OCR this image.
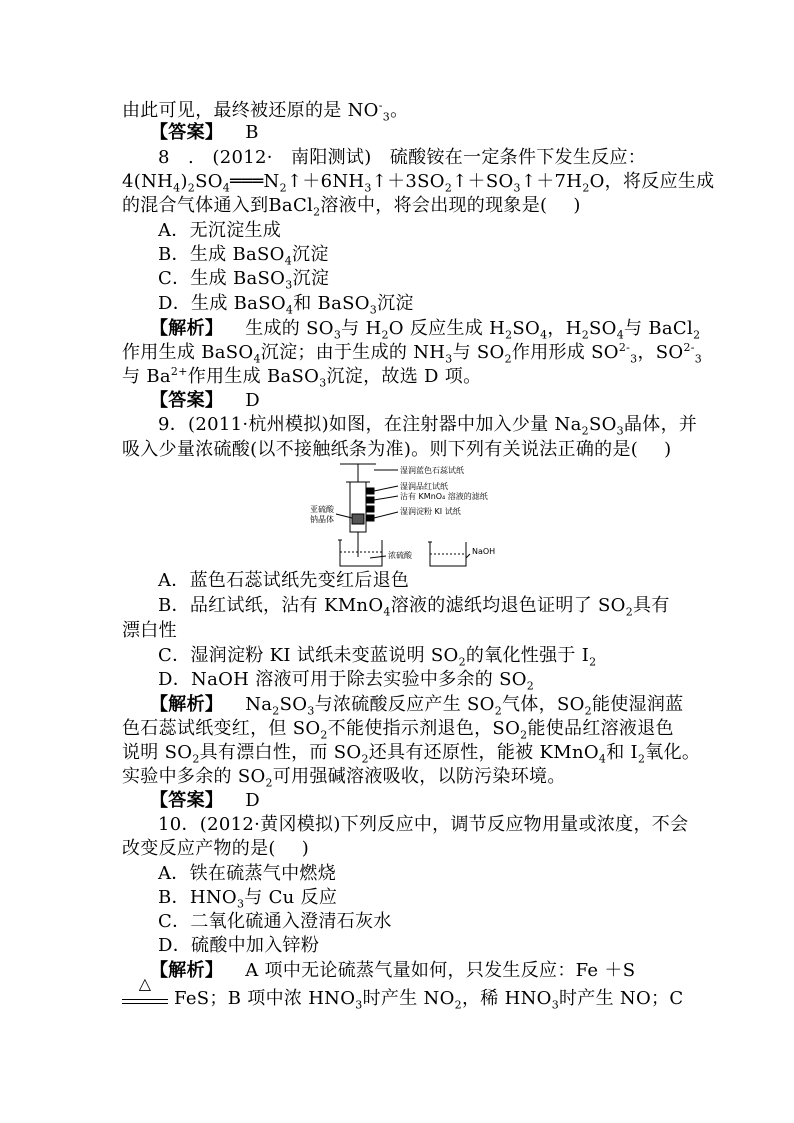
由此可见，最终被还原的是 $NO^-_3$。
【答案】 B
8　.　(2012·　南阳测试)　硫酸铵在一定条件下发生反应：
$4(NH_4)_2SO_4═══N_2↑+6NH_3↑+3SO_2↑+SO_3↑+7H_2O$，将反应生成
的混合气体通入到BaCl$_2$溶液中，将会出现的现象是( )
A．无沉淀生成
B．生成 BaSO$_4$沉淀
C．生成 BaSO$_3$沉淀
D．生成 BaSO$_4$和 BaSO$_3$沉淀
【解析】 生成的 $SO_3$与 $H_2O$ 反应生成 $H_2SO_4$，$H_2SO_4$与 BaCl$_2$
作用生成 BaSO$_4$沉淀；由于生成的 $NH_3$与 $SO_2$作用形成 $SO^{2-}_3$，$SO^{2-}_3$
与 $Ba^{2+}$作用生成 BaSO$_3$沉淀，故选 D 项。
【答案】 D
9．(2011·杭州模拟)如图，在注射器中加入少量 $Na_2SO_3$晶体，并
吸入少量浓硫酸(以不接触纸条为准)。则下列有关说法正确的是( )
湿润蓝色石蕊试纸
湿润品红试纸
沾有 KMnO₄ 溶液的滤纸
湿润淀粉 KI 试纸
亚硫酸
钠晶体
浓硫酸	NaOH
A．蓝色石蕊试纸先变红后退色
B．品红试纸，沾有 KMnO$_4$溶液的滤纸均退色证明了 $SO_2$具有
漂白性
C．湿润淀粉 KI 试纸未变蓝说明 $SO_2$的氧化性强于 $I_2$
D．NaOH 溶液可用于除去实验中多余的 $SO_2$
【解析】 $Na_2SO_3$与浓硫酸反应产生 $SO_2$气体，$SO_2$能使湿润蓝
色石蕊试纸变红，但 $SO_2$不能使指示剂退色，$SO_2$能使品红溶液退色
说明 $SO_2$具有漂白性，而 $SO_2$还具有还原性，能被 KMnO$_4$和 $I_2$氧化。
实验中多余的 $SO_2$可用强碱溶液吸收，以防污染环境。
【答案】 D
10．(2012·黄冈模拟)下列反应中，调节反应物用量或浓度，不会
改变反应产物的是( )
A．铁在硫蒸气中燃烧
B．$HNO_3$与 Cu 反应
C．二氧化硫通入澄清石灰水
D．硫酸中加入锌粉
【解析】 A 项中无论硫蒸气量如何，只发生反应：Fe ＋S
△
FeS；B 项中浓 $HNO_3$时产生 $NO_2$，稀 $HNO_3$时产生 NO；C
